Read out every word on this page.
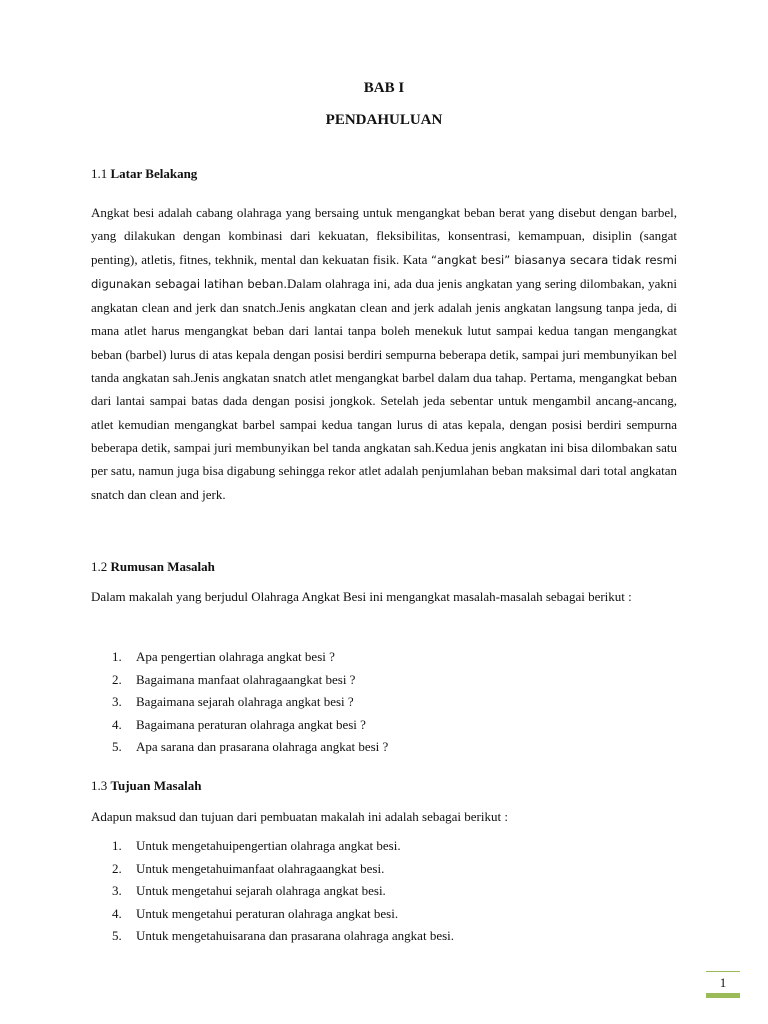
BAB I
PENDAHULUAN
1.1 Latar Belakang

Angkat besi adalah cabang olahraga yang bersaing untuk mengangkat beban berat yang disebut dengan barbel, yang dilakukan dengan kombinasi dari kekuatan, fleksibilitas, konsentrasi, kemampuan, disiplin (sangat penting), atletis, fitnes, tekhnik, mental dan kekuatan fisik. Kata “angkat besi” biasanya secara tidak resmi digunakan sebagai latihan beban.Dalam olahraga ini, ada dua jenis angkatan yang sering dilombakan, yakni angkatan clean and jerk dan snatch.Jenis angkatan clean and jerk adalah jenis angkatan langsung tanpa jeda, di mana atlet harus mengangkat beban dari lantai tanpa boleh menekuk lutut sampai kedua tangan mengangkat beban (barbel) lurus di atas kepala dengan posisi berdiri sempurna beberapa detik, sampai juri membunyikan bel tanda angkatan sah.Jenis angkatan snatch atlet mengangkat barbel dalam dua tahap. Pertama, mengangkat beban dari lantai sampai batas dada dengan posisi jongkok. Setelah jeda sebentar untuk mengambil ancang-ancang, atlet kemudian mengangkat barbel sampai kedua tangan lurus di atas kepala, dengan posisi berdiri sempurna beberapa detik, sampai juri membunyikan bel tanda angkatan sah.Kedua jenis angkatan ini bisa dilombakan satu per satu, namun juga bisa digabung sehingga rekor atlet adalah penjumlahan beban maksimal dari total angkatan snatch dan clean and jerk.

1.2 Rumusan Masalah

Dalam makalah yang berjudul Olahraga Angkat Besi ini mengangkat masalah-masalah sebagai berikut :

1. Apa pengertian olahraga angkat besi ?
2. Bagaimana manfaat olahragaangkat besi ?
3. Bagaimana sejarah olahraga angkat besi ?
4. Bagaimana peraturan olahraga angkat besi ?
5. Apa sarana dan prasarana olahraga angkat besi ?
1.3 Tujuan Masalah

Adapun maksud dan tujuan dari pembuatan makalah ini adalah sebagai berikut :

1. Untuk mengetahuipengertian olahraga angkat besi.
2. Untuk mengetahuimanfaat olahragaangkat besi.
3. Untuk mengetahui sejarah olahraga angkat besi.
4. Untuk mengetahui peraturan olahraga angkat besi.
5. Untuk mengetahuisarana dan prasarana olahraga angkat besi.
1
